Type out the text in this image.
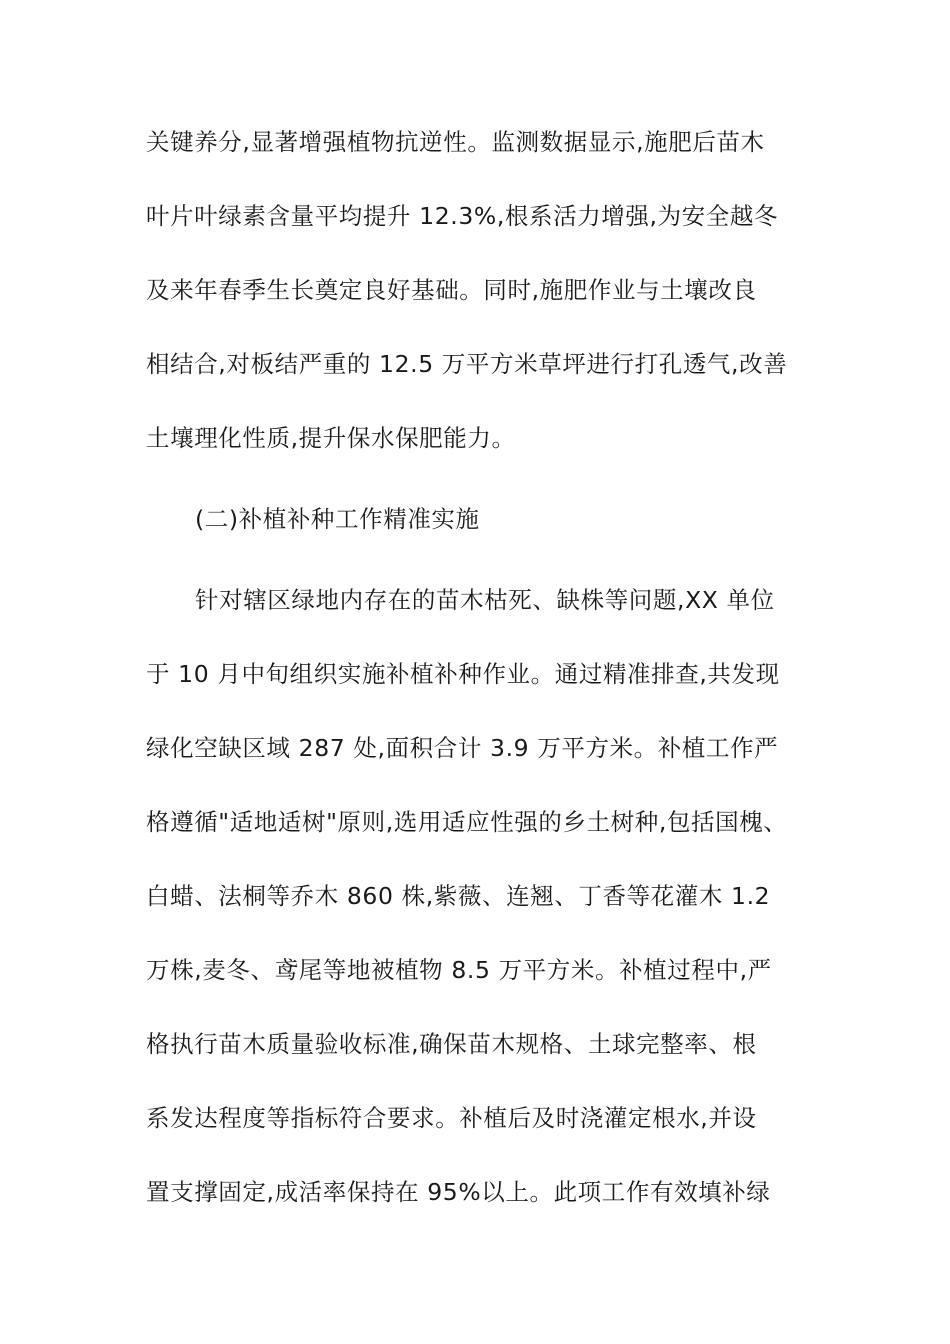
关键养分,显著增强植物抗逆性。监测数据显示,施肥后苗木
叶片叶绿素含量平均提升 12.3%,根系活力增强,为安全越冬
及来年春季生长奠定良好基础。同时,施肥作业与土壤改良
相结合,对板结严重的 12.5 万平方米草坪进行打孔透气,改善
土壤理化性质,提升保水保肥能力。
(二)补植补种工作精准实施
针对辖区绿地内存在的苗木枯死、缺株等问题,XX 单位
于 10 月中旬组织实施补植补种作业。通过精准排查,共发现
绿化空缺区域 287 处,面积合计 3.9 万平方米。补植工作严
格遵循"适地适树"原则,选用适应性强的乡土树种,包括国槐、
白蜡、法桐等乔木 860 株,紫薇、连翘、丁香等花灌木 1.2
万株,麦冬、鸢尾等地被植物 8.5 万平方米。补植过程中,严
格执行苗木质量验收标准,确保苗木规格、土球完整率、根
系发达程度等指标符合要求。补植后及时浇灌定根水,并设
置支撑固定,成活率保持在 95%以上。此项工作有效填补绿
